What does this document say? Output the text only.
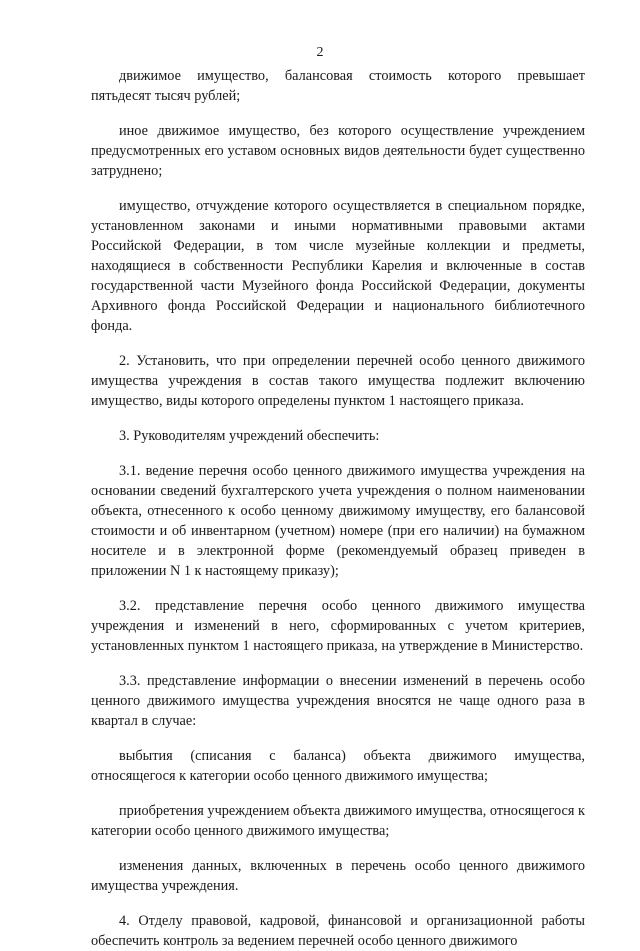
2

движимое имущество, балансовая стоимость которого превышает пятьдесят тысяч рублей;

иное движимое имущество, без которого осуществление учреждением предусмотренных его уставом основных видов деятельности будет существенно затруднено;

имущество, отчуждение которого осуществляется в специальном порядке, установленном законами и иными нормативными правовыми актами Российской Федерации, в том числе музейные коллекции и предметы, находящиеся в собственности Республики Карелия и включенные в состав государственной части Музейного фонда Российской Федерации, документы Архивного фонда Российской Федерации и национального библиотечного фонда.

2. Установить, что при определении перечней особо ценного движимого имущества учреждения в состав такого имущества подлежит включению имущество, виды которого определены пунктом 1 настоящего приказа.

3. Руководителям учреждений обеспечить:

3.1. ведение перечня особо ценного движимого имущества учреждения на основании сведений бухгалтерского учета учреждения о полном наименовании объекта, отнесенного к особо ценному движимому имуществу, его балансовой стоимости и об инвентарном (учетном) номере (при его наличии) на бумажном носителе и в электронной форме (рекомендуемый образец приведен в приложении N 1 к настоящему приказу);

3.2. представление перечня особо ценного движимого имущества учреждения и изменений в него, сформированных с учетом критериев, установленных пунктом 1 настоящего приказа, на утверждение в Министерство.

3.3. представление информации о внесении изменений в перечень особо ценного движимого имущества учреждения вносятся не чаще одного раза в квартал в случае:

выбытия (списания с баланса) объекта движимого имущества, относящегося к категории особо ценного движимого имущества;

приобретения учреждением объекта движимого имущества, относящегося к категории особо ценного движимого имущества;

изменения данных, включенных в перечень особо ценного движимого имущества учреждения.

4. Отделу правовой, кадровой, финансовой и организационной работы обеспечить контроль за ведением перечней особо ценного движимого
